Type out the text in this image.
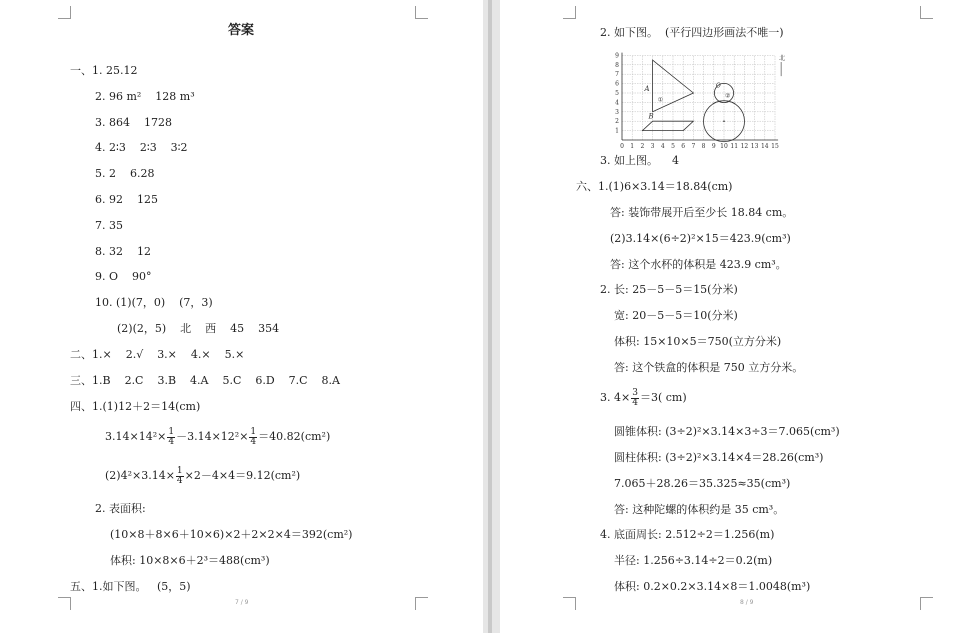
答案
一、1. 25.12
2. 96 m²    128 m³
3. 864    1728
4. 2∶3    2∶3    3∶2
5. 2    6.28
6. 92    125
7. 35
8. 32    12
9. O    90°
10. (1)(7，0)    (7，3)
(2)(2，5)    北    西    45    354
二、1.×    2.√    3.×    4.×    5.×
三、1.B    2.C    3.B    4.A    5.C    6.D    7.C    8.A
四、1.(1)12＋2＝14(cm)
$3.14\times 14^2\times \frac{1}{4} -3.14\times 12^2\times \frac{1}{4} =40.82(cm^2)$
$(2)4^2\times 3.14\times \frac{1}{4} \times 2-4\times 4=9.12(cm^2)$
2. 表面积:
(10×8＋8×6＋10×6)×2＋2×2×4＝392(cm²)
体积: 10×8×6＋2³＝488(cm³)
五、1.如下图。   (5，5)
7 / 9
2. 如下图。  (平行四边形画法不唯一)
0 1 2 3 4 5 6 7 8 9 10 11 12 13 14 15
1
2
3
4
5
6
7
8
9	北
A
①
B
O
②
3. 如上图。    4
六、1.(1)6×3.14＝18.84(cm)
答: 装饰带展开后至少长 18.84 cm。
(2)3.14×(6÷2)²×15＝423.9(cm³)
答: 这个水杯的体积是 423.9 cm³。
2. 长: 25－5－5＝15(分米)
宽: 20－5－5＝10(分米)
体积: 15×10×5＝750(立方分米)
答: 这个铁盒的体积是 750 立方分米。
3. $4\times \frac{3}{4} =3$( cm)
圆锥体积: (3÷2)²×3.14×3÷3＝7.065(cm³)
圆柱体积: (3÷2)²×3.14×4＝28.26(cm³)
7.065＋28.26＝35.325≈35(cm³)
答: 这种陀螺的体积约是 35 cm³。
4. 底面周长: 2.512÷2＝1.256(m)
半径: 1.256÷3.14÷2＝0.2(m)
体积: 0.2×0.2×3.14×8＝1.0048(m³)
8 / 9
